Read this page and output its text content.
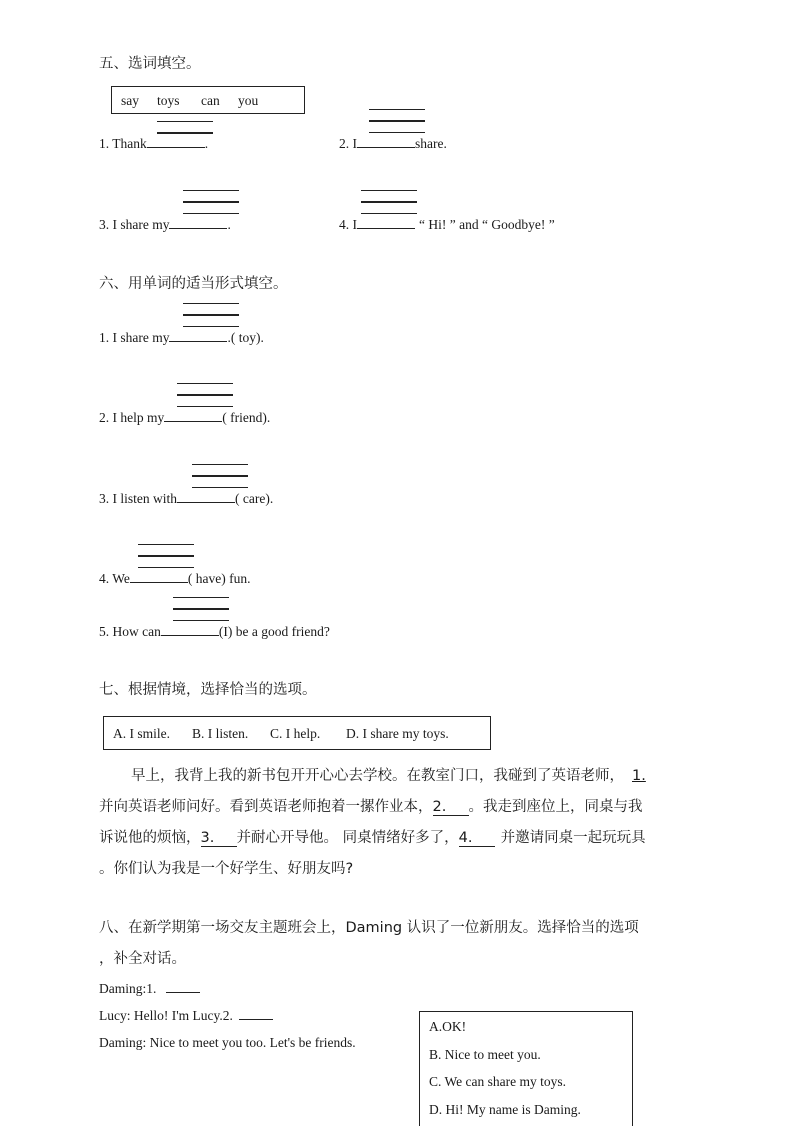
五、选词填空。
say toys can you
1. Thank	.	2. I	share.
3. I share my	.	4. I	“ Hi! ” and “ Goodbye! ”
六、用单词的适当形式填空。
1. I share my	.( toy).
2. I help my	( friend).
3. I listen with	( care).
4. We	( have) fun.
5. How can	(I) be a good friend?
七、根据情境，选择恰当的选项。
A. I smile. B. I listen. C. I help. D. I share my toys.
早上，我背上我的新书包开开心心去学校。在教室门口，我碰到了英语老师， 1.
并向英语老师问好。看到英语老师抱着一摞作业本，2. 。我走到座位上，同桌与我
诉说他的烦恼，3. 并耐心开导他。 同桌情绪好多了，4. 并邀请同桌一起玩玩具
。你们认为我是一个好学生、好朋友吗?
八、在新学期第一场交友主题班会上，Daming 认识了一位新朋友。选择恰当的选项
，补全对话。
Daming:1.
Lucy: Hello! I'm Lucy.2.
Daming: Nice to meet you too. Let's be friends.
A.OK!
B. Nice to meet you.
C. We can share my toys.
D. Hi! My name is Daming.
